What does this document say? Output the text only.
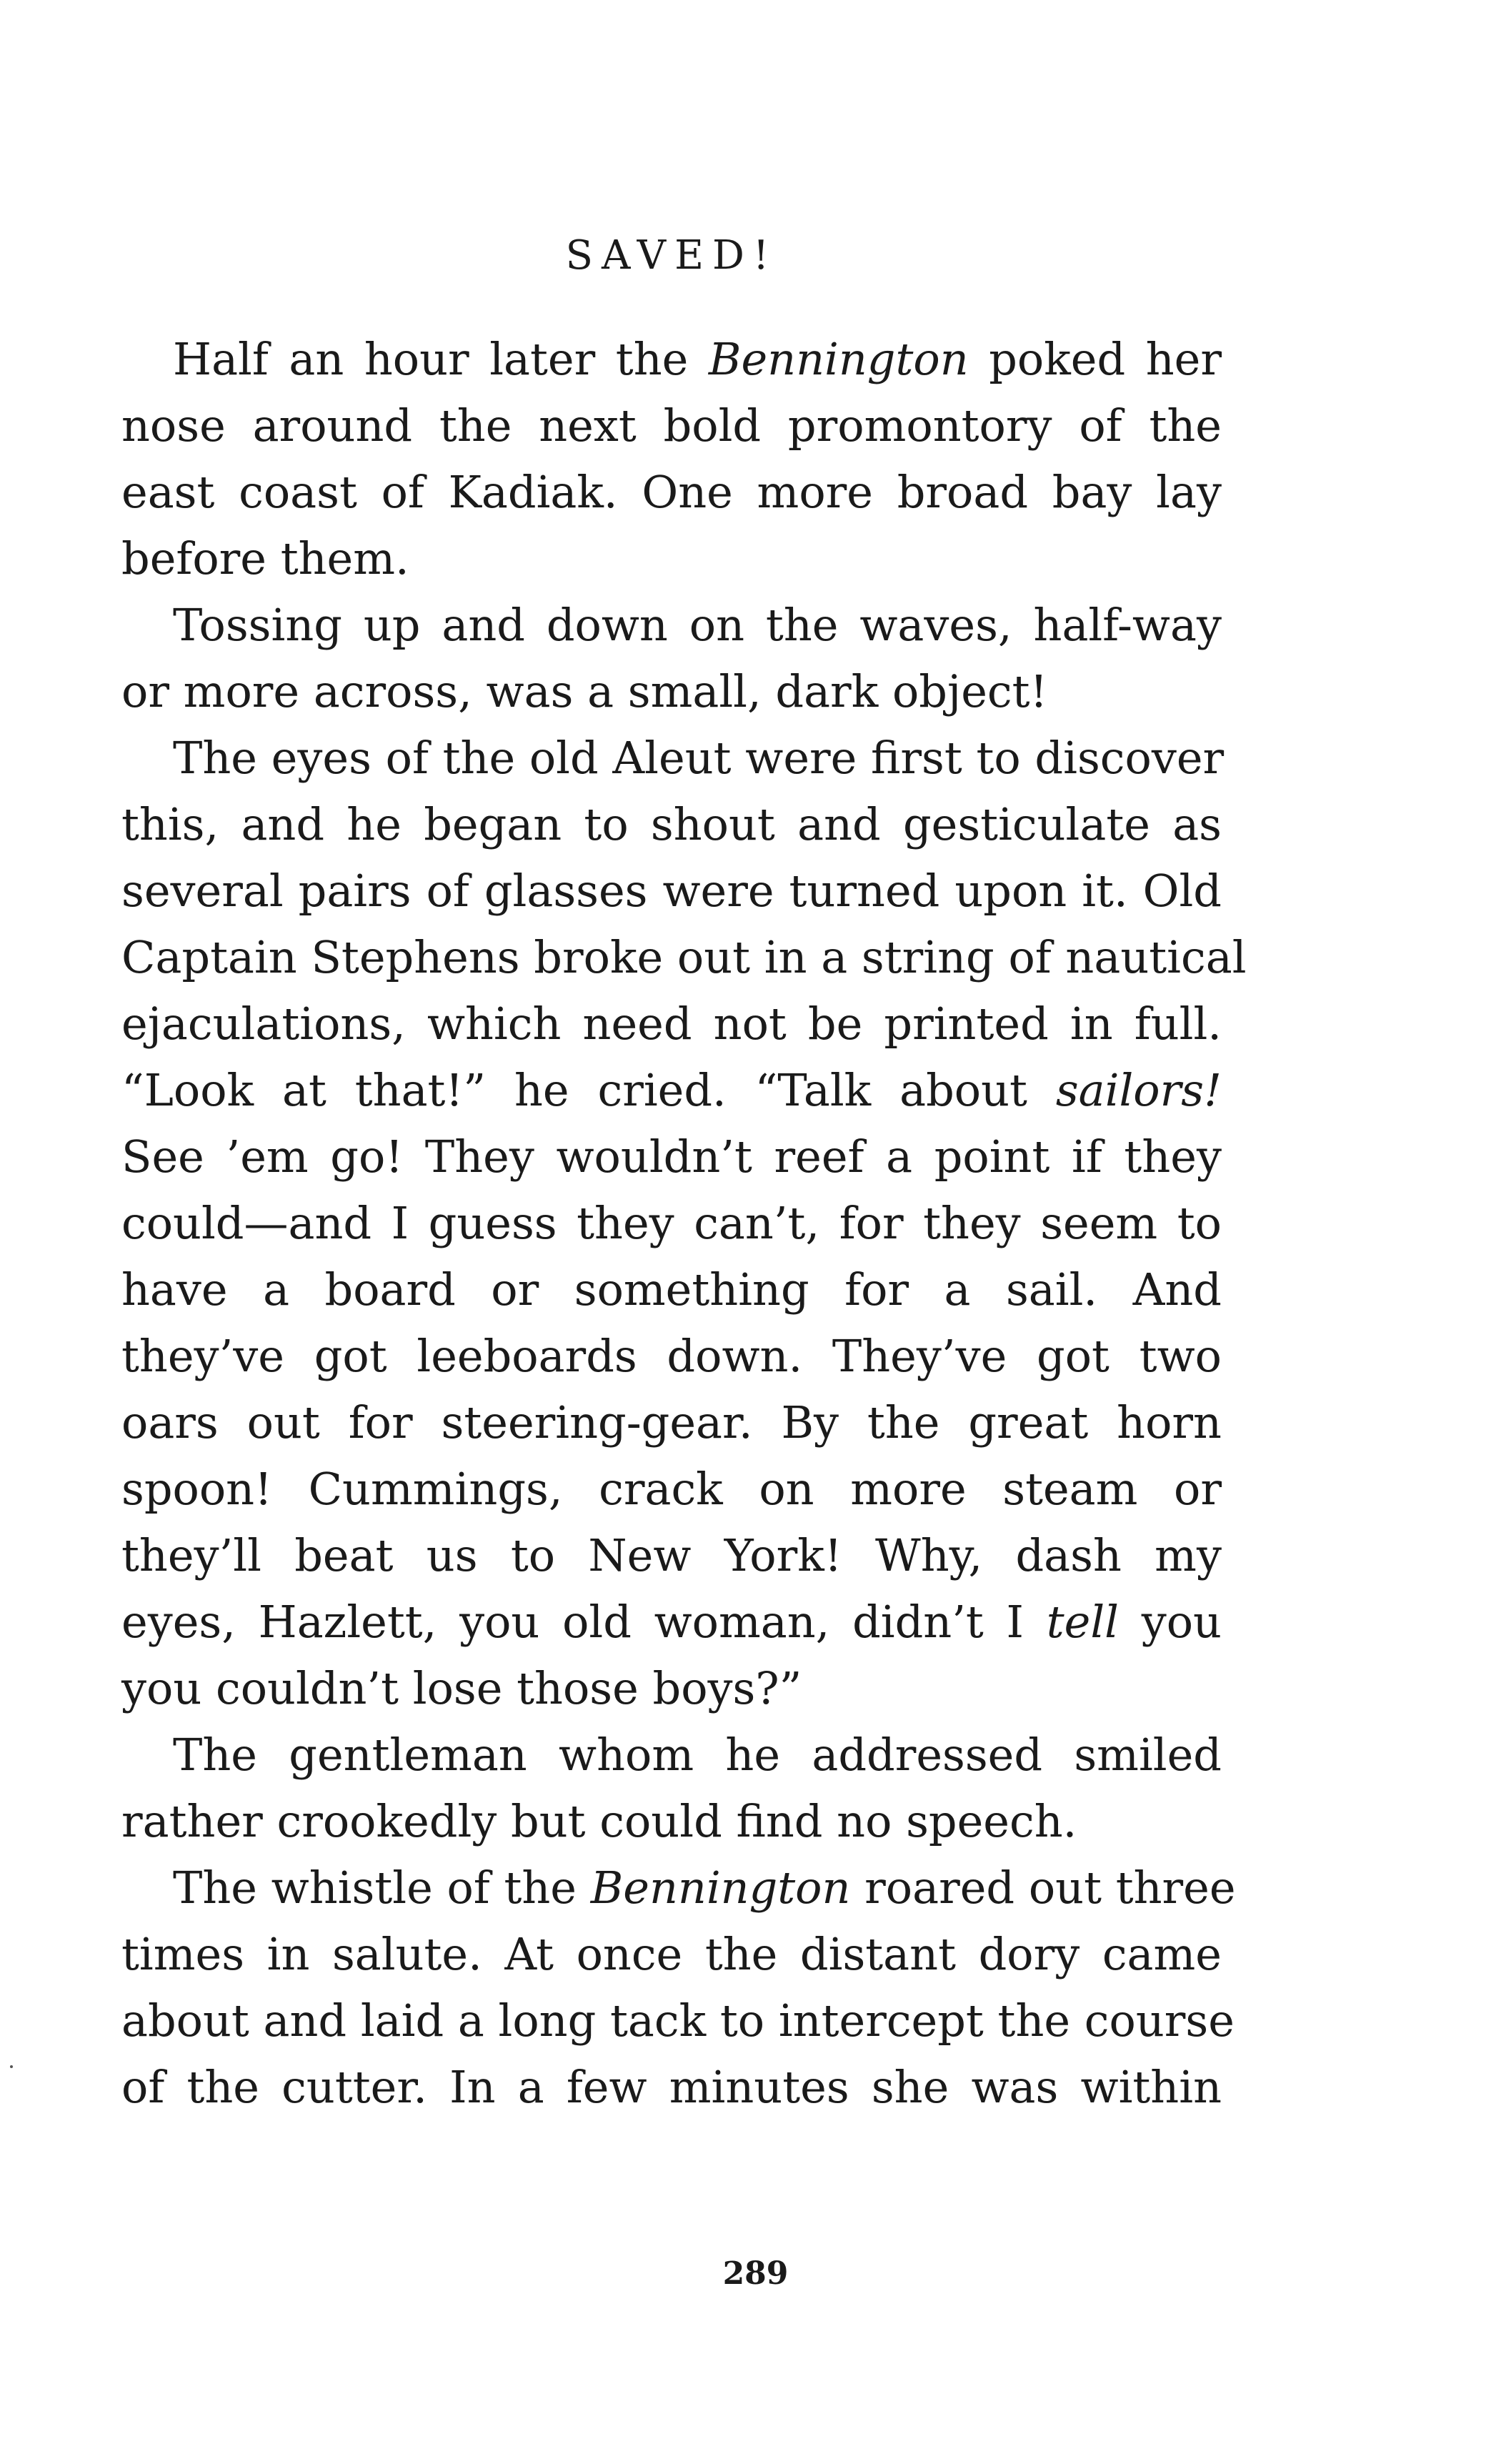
SAVED!
Half an hour later the Bennington poked her
nose around the next bold promontory of the
east coast of Kadiak. One more broad bay lay
before them.
Tossing up and down on the waves, half-way
or more across, was a small, dark object!
The eyes of the old Aleut were first to discover
this, and he began to shout and gesticulate as
several pairs of glasses were turned upon it. Old
Captain Stephens broke out in a string of nautical
ejaculations, which need not be printed in full.
“Look at that!” he cried. “Talk about sailors!
See ’em go! They wouldn’t reef a point if they
could—and I guess they can’t, for they seem to
have a board or something for a sail. And
they’ve got leeboards down. They’ve got two
oars out for steering-gear. By the great horn
spoon! Cummings, crack on more steam or
they’ll beat us to New York! Why, dash my
eyes, Hazlett, you old woman, didn’t I tell you
you couldn’t lose those boys?”
The gentleman whom he addressed smiled
rather crookedly but could find no speech.
The whistle of the Bennington roared out three
times in salute. At once the distant dory came
about and laid a long tack to intercept the course
of the cutter. In a few minutes she was within
289
